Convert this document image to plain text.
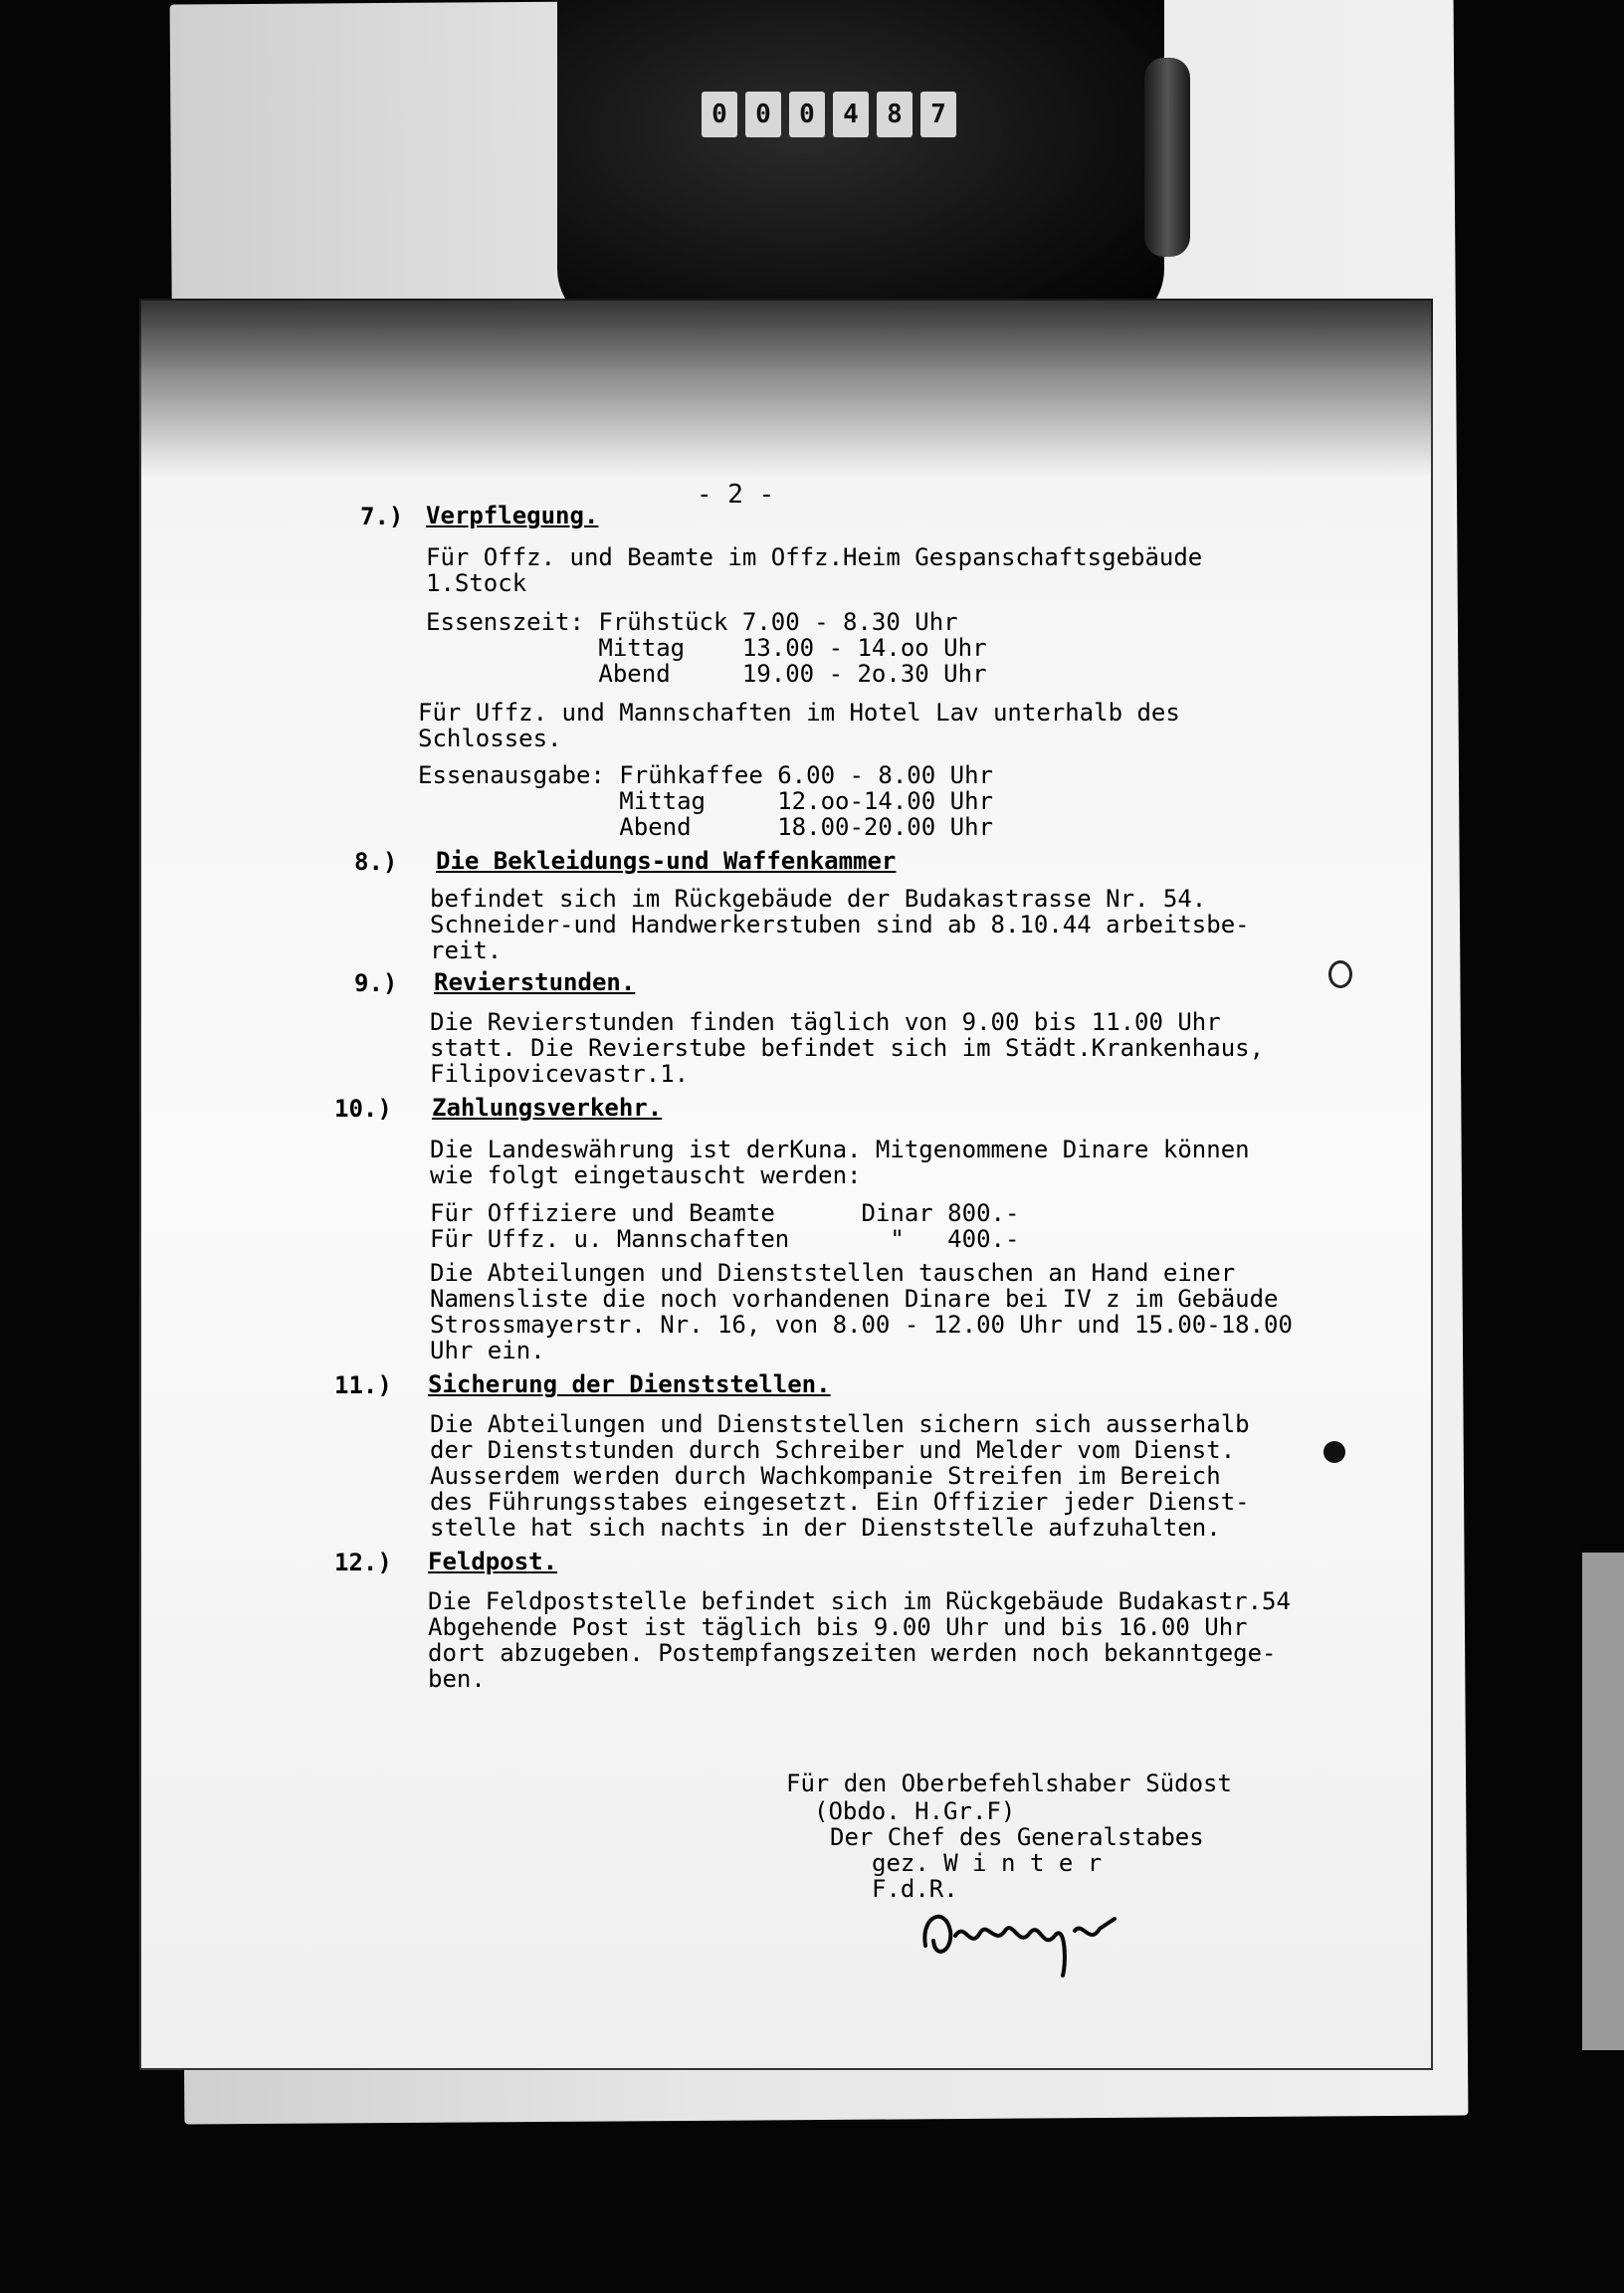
0	0	0	4	8	7
- 2 -
7.) Verpflegung.
Für Offz. und Beamte im Offz.Heim Gespanschaftsgebäude
1.Stock
Essenszeit: Frühstück 7.00 - 8.30 Uhr
Mittag    13.00 - 14.oo Uhr
Abend     19.00 - 2o.30 Uhr
Für Uffz. und Mannschaften im Hotel Lav unterhalb des
Schlosses.
Essenausgabe: Frühkaffee 6.00 - 8.00 Uhr
Mittag     12.oo-14.00 Uhr
Abend      18.00-20.00 Uhr
8.) Die Bekleidungs-und Waffenkammer
befindet sich im Rückgebäude der Budakastrasse Nr. 54.
Schneider-und Handwerkerstuben sind ab 8.10.44 arbeitsbe-
reit.
9.) Revierstunden.
Die Revierstunden finden täglich von 9.00 bis 11.00 Uhr
statt. Die Revierstube befindet sich im Städt.Krankenhaus,
Filipovicevastr.1.
10.) Zahlungsverkehr.
Die Landeswährung ist derKuna. Mitgenommene Dinare können
wie folgt eingetauscht werden:
Für Offiziere und Beamte      Dinar 800.-
Für Uffz. u. Mannschaften       "   400.-
Die Abteilungen und Dienststellen tauschen an Hand einer
Namensliste die noch vorhandenen Dinare bei IV z im Gebäude
Strossmayerstr. Nr. 16, von 8.00 - 12.00 Uhr und 15.00-18.00
Uhr ein.
11.) Sicherung der Dienststellen.
Die Abteilungen und Dienststellen sichern sich ausserhalb
der Dienststunden durch Schreiber und Melder vom Dienst.
Ausserdem werden durch Wachkompanie Streifen im Bereich
des Führungsstabes eingesetzt. Ein Offizier jeder Dienst-
stelle hat sich nachts in der Dienststelle aufzuhalten.
12.) Feldpost.
Die Feldpoststelle befindet sich im Rückgebäude Budakastr.54
Abgehende Post ist täglich bis 9.00 Uhr und bis 16.00 Uhr
dort abzugeben. Postempfangszeiten werden noch bekanntgege-
ben.
Für den Oberbefehlshaber Südost
(Obdo. H.Gr.F)
Der Chef des Generalstabes
gez. W i n t e r
F.d.R.
